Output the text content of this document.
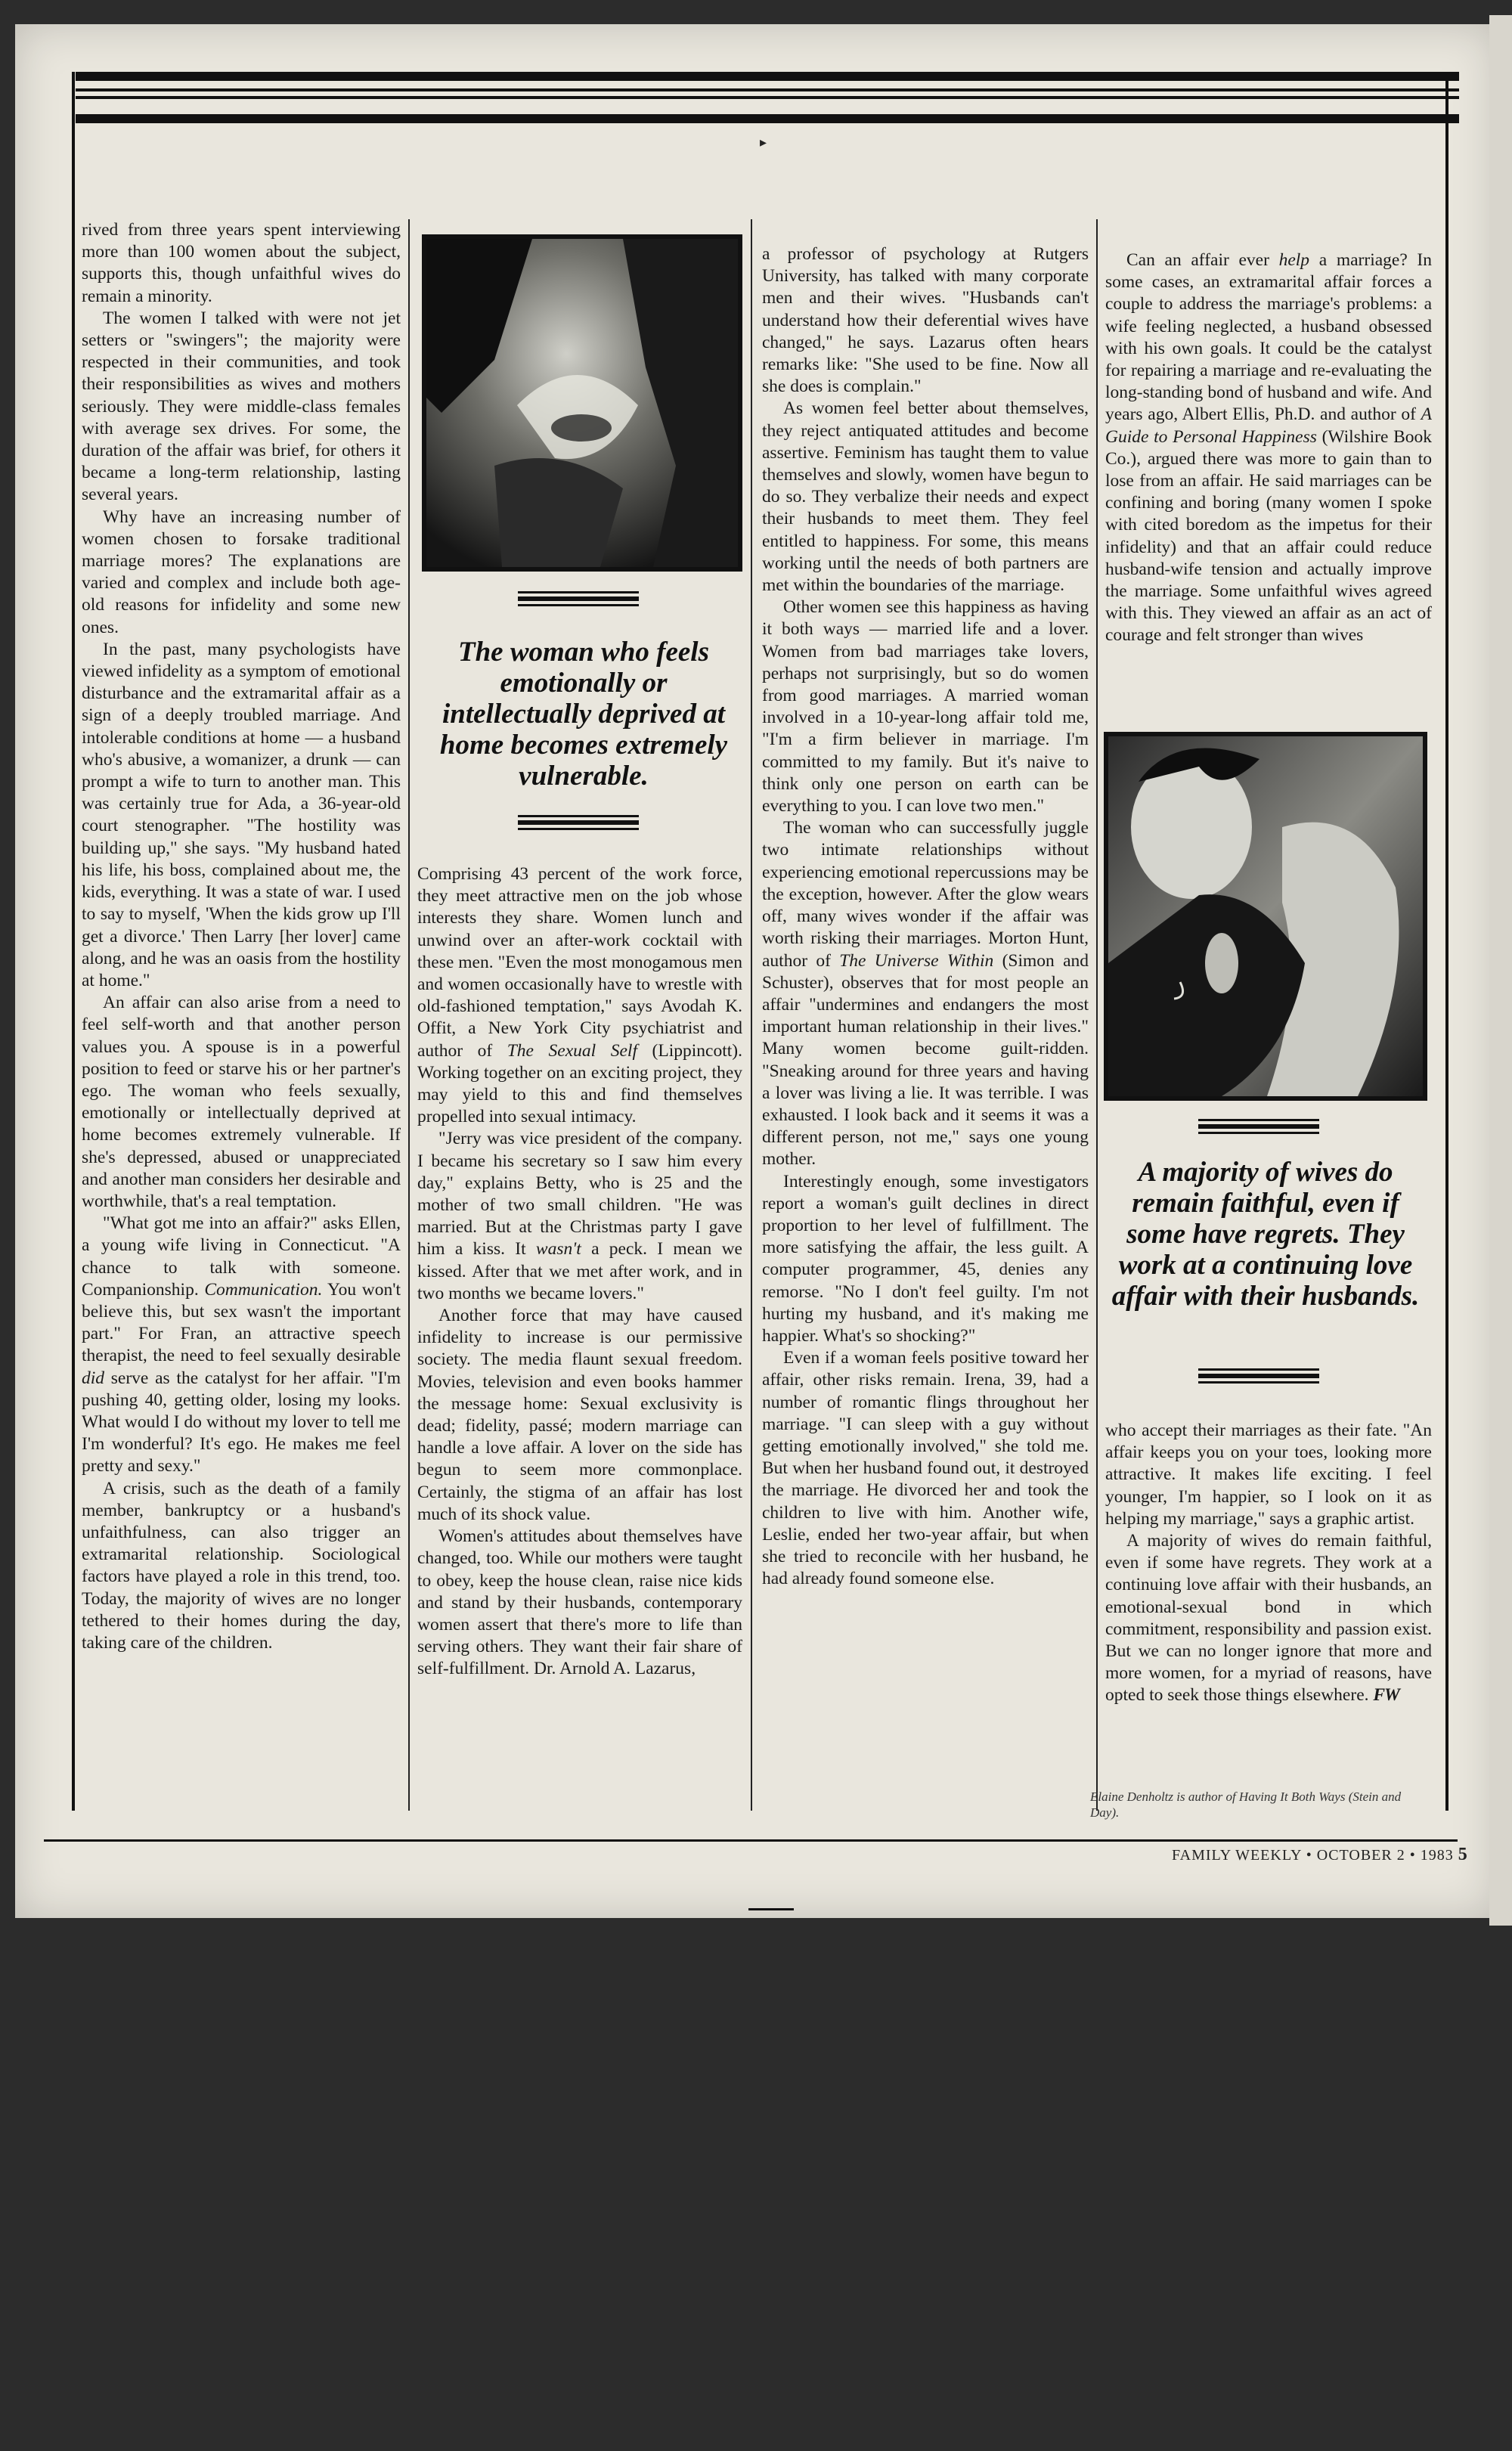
▸

rived from three years spent interviewing more than 100 women about the subject, supports this, though unfaithful wives do remain a minority.

The women I talked with were not jet setters or "swingers"; the majority were respected in their communities, and took their responsibilities as wives and mothers seriously. They were middle-class females with average sex drives. For some, the duration of the affair was brief, for others it became a long-term relationship, lasting several years.

Why have an increasing number of women chosen to forsake traditional marriage mores? The explanations are varied and complex and include both age-old reasons for infidelity and some new ones.

In the past, many psychologists have viewed infidelity as a symptom of emotional disturbance and the extramarital affair as a sign of a deeply troubled marriage. And intolerable conditions at home — a husband who's abusive, a womanizer, a drunk — can prompt a wife to turn to another man. This was certainly true for Ada, a 36-year-old court stenographer. "The hostility was building up," she says. "My husband hated his life, his boss, complained about me, the kids, everything. It was a state of war. I used to say to myself, 'When the kids grow up I'll get a divorce.' Then Larry [her lover] came along, and he was an oasis from the hostility at home."

An affair can also arise from a need to feel self-worth and that another person values you. A spouse is in a powerful position to feed or starve his or her partner's ego. The woman who feels sexually, emotionally or intellectually deprived at home becomes extremely vulnerable. If she's depressed, abused or unappreciated and another man considers her desirable and worthwhile, that's a real temptation.

"What got me into an affair?" asks Ellen, a young wife living in Connecticut. "A chance to talk with someone. Companionship. Communication. You won't believe this, but sex wasn't the important part." For Fran, an attractive speech therapist, the need to feel sexually desirable did serve as the catalyst for her affair. "I'm pushing 40, getting older, losing my looks. What would I do without my lover to tell me I'm wonderful? It's ego. He makes me feel pretty and sexy."

A crisis, such as the death of a family member, bankruptcy or a husband's unfaithfulness, can also trigger an extramarital relationship. Sociological factors have played a role in this trend, too. Today, the majority of wives are no longer tethered to their homes during the day, taking care of the children.

The woman who feels emotionally or intellectually deprived at home becomes extremely vulnerable.

Comprising 43 percent of the work force, they meet attractive men on the job whose interests they share. Women lunch and unwind over an after-work cocktail with these men. "Even the most monogamous men and women occasionally have to wrestle with old-fashioned temptation," says Avodah K. Offit, a New York City psychiatrist and author of The Sexual Self (Lippincott). Working together on an exciting project, they may yield to this and find themselves propelled into sexual intimacy.

"Jerry was vice president of the company. I became his secretary so I saw him every day," explains Betty, who is 25 and the mother of two small children. "He was married. But at the Christmas party I gave him a kiss. It wasn't a peck. I mean we kissed. After that we met after work, and in two months we became lovers."

Another force that may have caused infidelity to increase is our permissive society. The media flaunt sexual freedom. Movies, television and even books hammer the message home: Sexual exclusivity is dead; fidelity, passé; modern marriage can handle a love affair. A lover on the side has begun to seem more commonplace. Certainly, the stigma of an affair has lost much of its shock value.

Women's attitudes about themselves have changed, too. While our mothers were taught to obey, keep the house clean, raise nice kids and stand by their husbands, contemporary women assert that there's more to life than serving others. They want their fair share of self-fulfillment. Dr. Arnold A. Lazarus,

a professor of psychology at Rutgers University, has talked with many corporate men and their wives. "Husbands can't understand how their deferential wives have changed," he says. Lazarus often hears remarks like: "She used to be fine. Now all she does is complain."

As women feel better about themselves, they reject antiquated attitudes and become assertive. Feminism has taught them to value themselves and slowly, women have begun to do so. They verbalize their needs and expect their husbands to meet them. They feel entitled to happiness. For some, this means working until the needs of both partners are met within the boundaries of the marriage.

Other women see this happiness as having it both ways — married life and a lover. Women from bad marriages take lovers, perhaps not surprisingly, but so do women from good marriages. A married woman involved in a 10-year-long affair told me, "I'm a firm believer in marriage. I'm committed to my family. But it's naive to think only one person on earth can be everything to you. I can love two men."

The woman who can successfully juggle two intimate relationships without experiencing emotional repercussions may be the exception, however. After the glow wears off, many wives wonder if the affair was worth risking their marriages. Morton Hunt, author of The Universe Within (Simon and Schuster), observes that for most people an affair "undermines and endangers the most important human relationship in their lives." Many women become guilt-ridden. "Sneaking around for three years and having a lover was living a lie. It was terrible. I was exhausted. I look back and it seems it was a different person, not me," says one young mother.

Interestingly enough, some investigators report a woman's guilt declines in direct proportion to her level of fulfillment. The more satisfying the affair, the less guilt. A computer programmer, 45, denies any remorse. "No I don't feel guilty. I'm not hurting my husband, and it's making me happier. What's so shocking?"

Even if a woman feels positive toward her affair, other risks remain. Irena, 39, had a number of romantic flings throughout her marriage. "I can sleep with a guy without getting emotionally involved," she told me. But when her husband found out, it destroyed the marriage. He divorced her and took the children to live with him. Another wife, Leslie, ended her two-year affair, but when she tried to reconcile with her husband, he had already found someone else.

Can an affair ever help a marriage? In some cases, an extramarital affair forces a couple to address the marriage's problems: a wife feeling neglected, a husband obsessed with his own goals. It could be the catalyst for repairing a marriage and re-evaluating the long-standing bond of husband and wife. And years ago, Albert Ellis, Ph.D. and author of A Guide to Personal Happiness (Wilshire Book Co.), argued there was more to gain than to lose from an affair. He said marriages can be confining and boring (many women I spoke with cited boredom as the impetus for their infidelity) and that an affair could reduce husband-wife tension and actually improve the marriage. Some unfaithful wives agreed with this. They viewed an affair as an act of courage and felt stronger than wives

A majority of wives do remain faithful, even if some have regrets. They work at a continuing love affair with their husbands.

who accept their marriages as their fate. "An affair keeps you on your toes, looking more attractive. It makes life exciting. I feel younger, I'm happier, so I look on it as helping my marriage," says a graphic artist.

A majority of wives do remain faithful, even if some have regrets. They work at a continuing love affair with their husbands, an emotional-sexual bond in which commitment, responsibility and passion exist. But we can no longer ignore that more and more women, for a myriad of reasons, have opted to seek those things elsewhere. FW

Elaine Denholtz is author of Having It Both Ways (Stein and Day).
FAMILY WEEKLY • OCTOBER 2 • 1983 5
